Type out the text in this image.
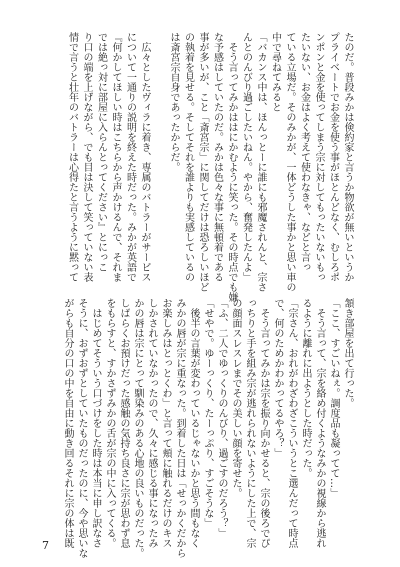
たのだ。普段みかは倹約家と言うか物欲が無いというか
プライベートでお金を使う事がほとんどなく、むしろポ
ンポンと金を使ってしまう宗に対してもったいないもっ
たいない、お金はよく考えて使わなきゃ、などと言っ
ている立場だ。そのみかが、一体どうした事かと思い車の
中で尋ねてみると
「バカンス中は、ほんっとーに誰にも邪魔されんと、宗さ
んとのんびり過ごしたいねん。やから、奮発したんよ」
　そう言ってみかははにかむように笑った。その時点でも嫌
な予感はしていたのだ。みかは色々な事に無頓着である
事が多いが、こと「斎宮宗」に関してだけは恐ろしいほど
の執着を見せる。そしてそれを誰よりも実感しているの
は斎宮宗自身であったからだ。
　広々としたヴィラに着き、専属のバトラーがサービス
について一通りの説明を終えた時だった。みかが英語で
『何かしてほしい時はこちらから声かけるんで、それま
では絶っ対に部屋に入らんとってください』とにっこ
り口の端を上げながら、でも目は決して笑っていない表
情で言うと壮年のバトラーは心得たと言うように黙って
頷き部屋を出て行った。
「ここ、すごいねぇ。調度品も凝ってて…」
　そう言って、宗を絡め付くようなみかの視線から逃れ
るように離れに出ようとした時だった。
「宗さん、おれがわざわざこういうとこ選んだって時点
で、何のためかわかってるやろ？」
　そう言ってみかは宗を振り向かせると、宗の後ろでぴ
っちりと手を組み宗が逃れられないようにした上で、宗
の顔面スレスレまでその美しい顔を寄せた。
「ふ、二人でゆっくりのんびり、過ごすのだろう？」
「せやで。ゆーっくり、たーっぷり、すごそうな」
　後半の言葉が変わっているじゃないかと思う間もなく
みかの唇が宗に重なった。到着した日は「せっかくだから
お楽しみはとっとくわ」と言って頬に触れるだけのキス
しかされていなかったので、久々に感じる事になったみ
かの唇は宗にとって馴染みのある心地の良いものだった。
しばらくお預けだった感触の気持ち良さに宗が思わず息
をもらすと、すかさずみかの舌が宗の中に入ってくる。
　はじめてそういう口づけをした時は本当に申し訳なさ
そうに、おずおずとしていたものだったのに、今や思いな
がらも自分の口の中を自由に動き回るそれに宗の体は既
7
